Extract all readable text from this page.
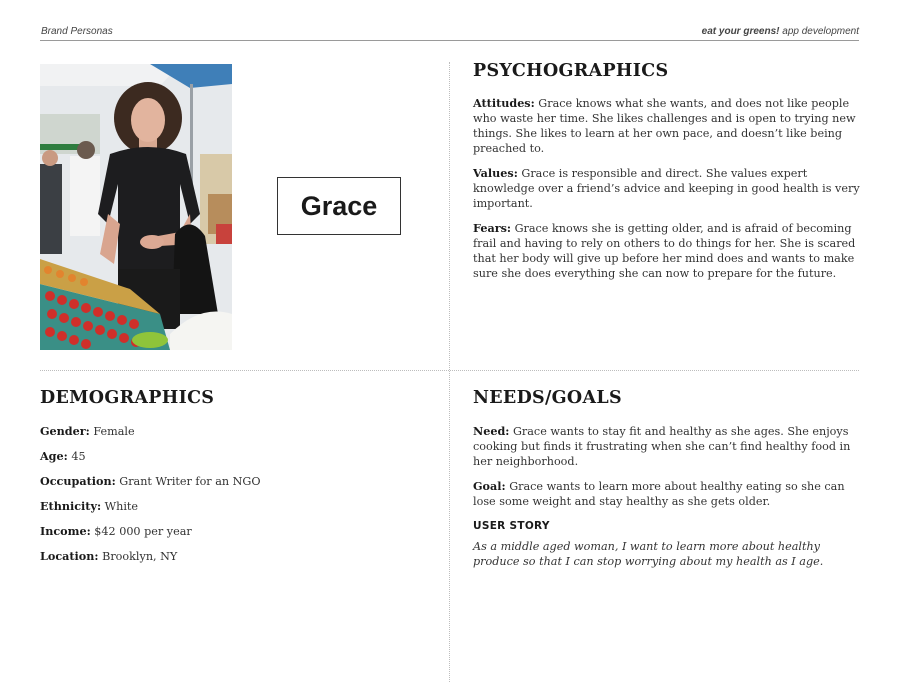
Brand Personas	eat your greens! app development
Grace
PSYCHOGRAPHICS

Attitudes: Grace knows what she wants, and does not like people who waste her time. She likes challenges and is open to trying new things. She likes to learn at her own pace, and doesn’t like being preached to.

Values: Grace is responsible and direct. She values expert knowledge over a friend’s advice and keeping in good health is very important.

Fears: Grace knows she is getting older, and is afraid of becoming frail and having to rely on others to do things for her. She is scared that her body will give up before her mind does and wants to make sure she does everything she can now to prepare for the future.

DEMOGRAPHICS

Gender: Female

Age: 45

Occupation: Grant Writer for an NGO

Ethnicity: White

Income: $42 000 per year

Location: Brooklyn, NY

NEEDS/GOALS

Need: Grace wants to stay fit and healthy as she ages. She enjoys cooking but finds it frustrating when she can’t find healthy food in her neighborhood.

Goal: Grace wants to learn more about healthy eating so she can lose some weight and stay healthy as she gets older.

USER STORY

As a middle aged woman, I want to learn more about healthy produce so that I can stop worrying about my health as I age.
